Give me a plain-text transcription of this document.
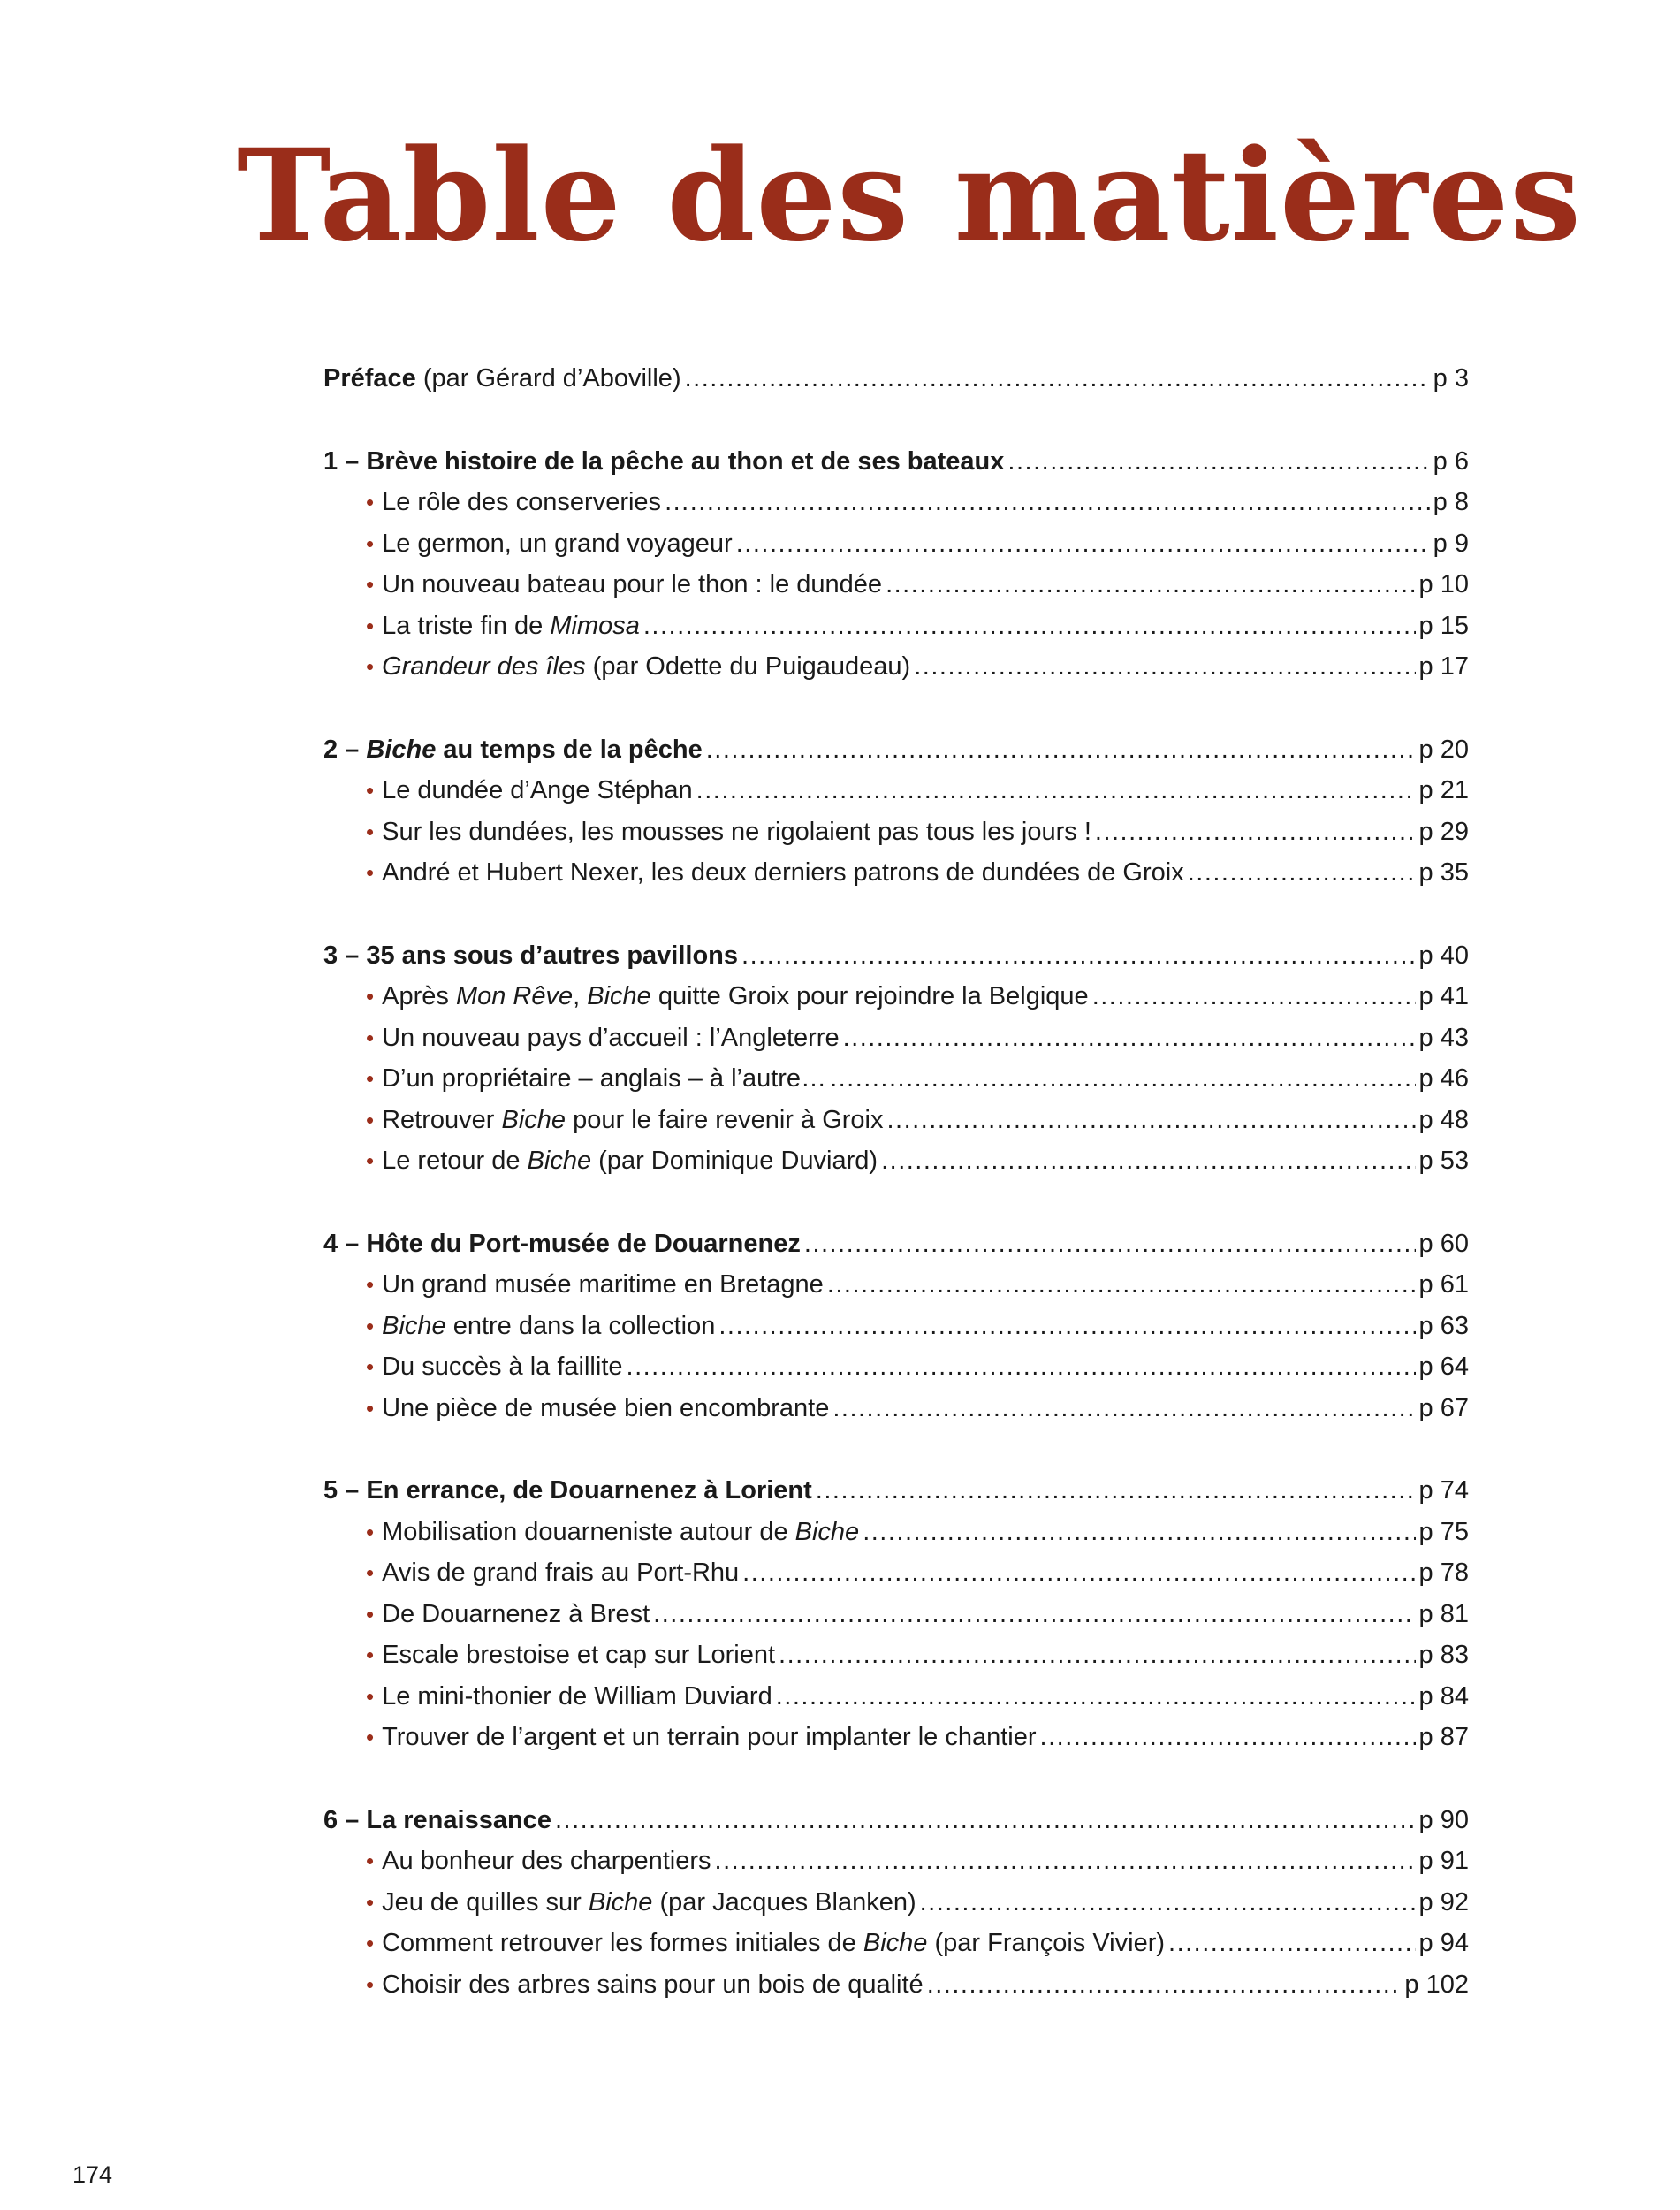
Table des matières
Préface (par Gérard d’Aboville) .....	p 3
1 – Brève histoire de la pêche au thon et de ses bateaux .....	p 6
• Le rôle des conserveries .....	p 8
• Le germon, un grand voyageur .....	p 9
• Un nouveau bateau pour le thon : le dundée .....	p 10
• La triste fin de Mimosa .....	p 15
• Grandeur des îles (par Odette du Puigaudeau) .....	p 17
2 – Biche au temps de la pêche .....	p 20
• Le dundée d’Ange Stéphan .....	p 21
• Sur les dundées, les mousses ne rigolaient pas tous les jours ! .....	p 29
• André et Hubert Nexer, les deux derniers patrons de dundées de Groix .....	p 35
3 – 35 ans sous d’autres pavillons .....	p 40
• Après Mon Rêve, Biche quitte Groix pour rejoindre la Belgique .....	p 41
• Un nouveau pays d’accueil : l’Angleterre .....	p 43
• D’un propriétaire – anglais – à l’autre… .....	p 46
• Retrouver Biche pour le faire revenir à Groix .....	p 48
• Le retour de Biche (par Dominique Duviard) .....	p 53
4 – Hôte du Port-musée de Douarnenez .....	p 60
• Un grand musée maritime en Bretagne .....	p 61
• Biche entre dans la collection .....	p 63
• Du succès à la faillite .....	p 64
• Une pièce de musée bien encombrante .....	p 67
5 – En errance, de Douarnenez à Lorient .....	p 74
• Mobilisation douarneniste autour de Biche .....	p 75
• Avis de grand frais au Port-Rhu .....	p 78
• De Douarnenez à Brest .....	p 81
• Escale brestoise et cap sur Lorient .....	p 83
• Le mini-thonier de William Duviard .....	p 84
• Trouver de l’argent et un terrain pour implanter le chantier .....	p 87
6 – La renaissance .....	p 90
• Au bonheur des charpentiers .....	p 91
• Jeu de quilles sur Biche (par Jacques Blanken) .....	p 92
• Comment retrouver les formes initiales de Biche (par François Vivier) .....	p 94
• Choisir des arbres sains pour un bois de qualité .....	p 102

174
